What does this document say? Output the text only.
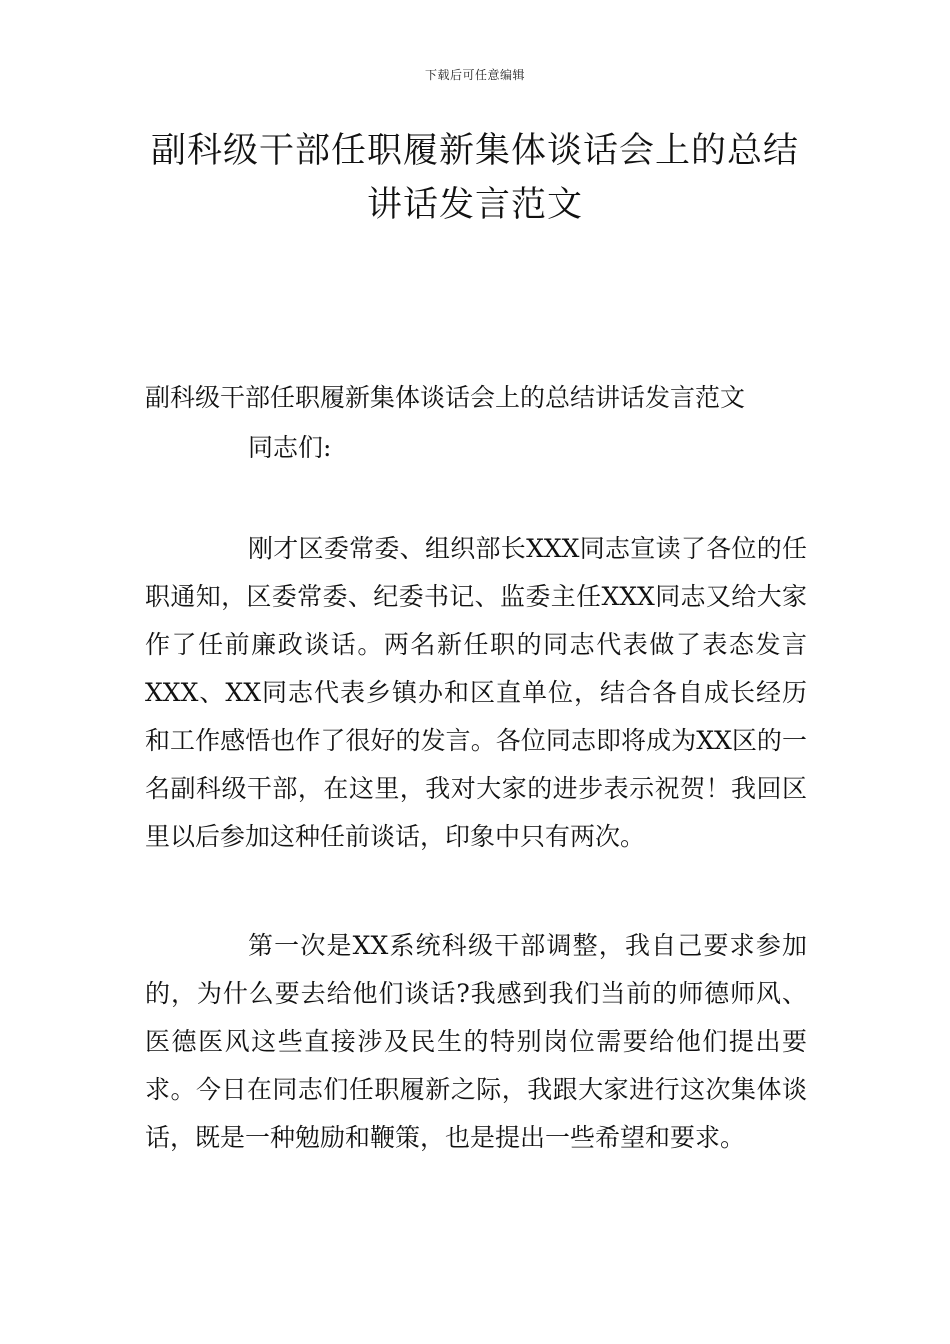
下载后可任意编辑
副科级干部任职履新集体谈话会上的总结
讲话发言范文
副科级干部任职履新集体谈话会上的总结讲话发言范文
同志们:

刚才区委常委、组织部长XXX同志宣读了各位的任职通知，区委常委、纪委书记、监委主任XXX同志又给大家作了任前廉政谈话。两名新任职的同志代表做了表态发言XXX、XX同志代表乡镇办和区直单位，结合各自成长经历和工作感悟也作了很好的发言。各位同志即将成为XX区的一名副科级干部，在这里，我对大家的进步表示祝贺！我回区里以后参加这种任前谈话，印象中只有两次。

第一次是XX系统科级干部调整，我自己要求参加的，为什么要去给他们谈话?我感到我们当前的师德师风、医德医风这些直接涉及民生的特别岗位需要给他们提出要求。今日在同志们任职履新之际，我跟大家进行这次集体谈话，既是一种勉励和鞭策，也是提出一些希望和要求。
